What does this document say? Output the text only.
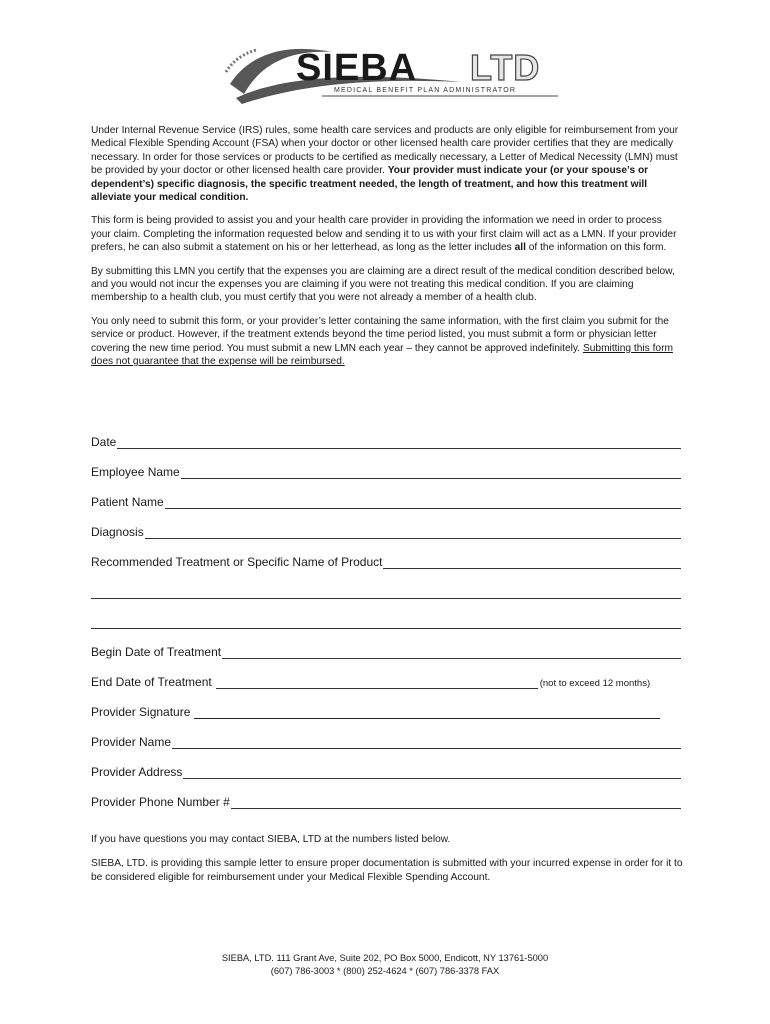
SIEBA LTD
MEDICAL BENEFIT PLAN ADMINISTRATOR

Under Internal Revenue Service (IRS) rules, some health care services and products are only eligible for reimbursement from your Medical Flexible Spending Account (FSA) when your doctor or other licensed health care provider certifies that they are medically necessary. In order for those services or products to be certified as medically necessary, a Letter of Medical Necessity (LMN) must be provided by your doctor or other licensed health care provider. Your provider must indicate your (or your spouse’s or dependent’s) specific diagnosis, the specific treatment needed, the length of treatment, and how this treatment will alleviate your medical condition.

This form is being provided to assist you and your health care provider in providing the information we need in order to process your claim. Completing the information requested below and sending it to us with your first claim will act as a LMN. If your provider prefers, he can also submit a statement on his or her letterhead, as long as the letter includes all of the information on this form.

By submitting this LMN you certify that the expenses you are claiming are a direct result of the medical condition described below, and you would not incur the expenses you are claiming if you were not treating this medical condition. If you are claiming membership to a health club, you must certify that you were not already a member of a health club.

You only need to submit this form, or your provider’s letter containing the same information, with the first claim you submit for the service or product. However, if the treatment extends beyond the time period listed, you must submit a form or physician letter covering the new time period. You must submit a new LMN each year – they cannot be approved indefinitely. Submitting this form does not guarantee that the expense will be reimbursed.

Date
Employee Name
Patient Name
Diagnosis
Recommended Treatment or Specific Name of Product
Begin Date of Treatment
End Date of Treatment	(not to exceed 12 months)
Provider Signature
Provider Name
Provider Address
Provider Phone Number #

If you have questions you may contact SIEBA, LTD at the numbers listed below.

SIEBA, LTD. is providing this sample letter to ensure proper documentation is submitted with your incurred expense in order for it to be considered eligible for reimbursement under your Medical Flexible Spending Account.

SIEBA, LTD. 111 Grant Ave, Suite 202, PO Box 5000, Endicott, NY 13761-5000
(607) 786-3003 * (800) 252-4624 * (607) 786-3378 FAX
